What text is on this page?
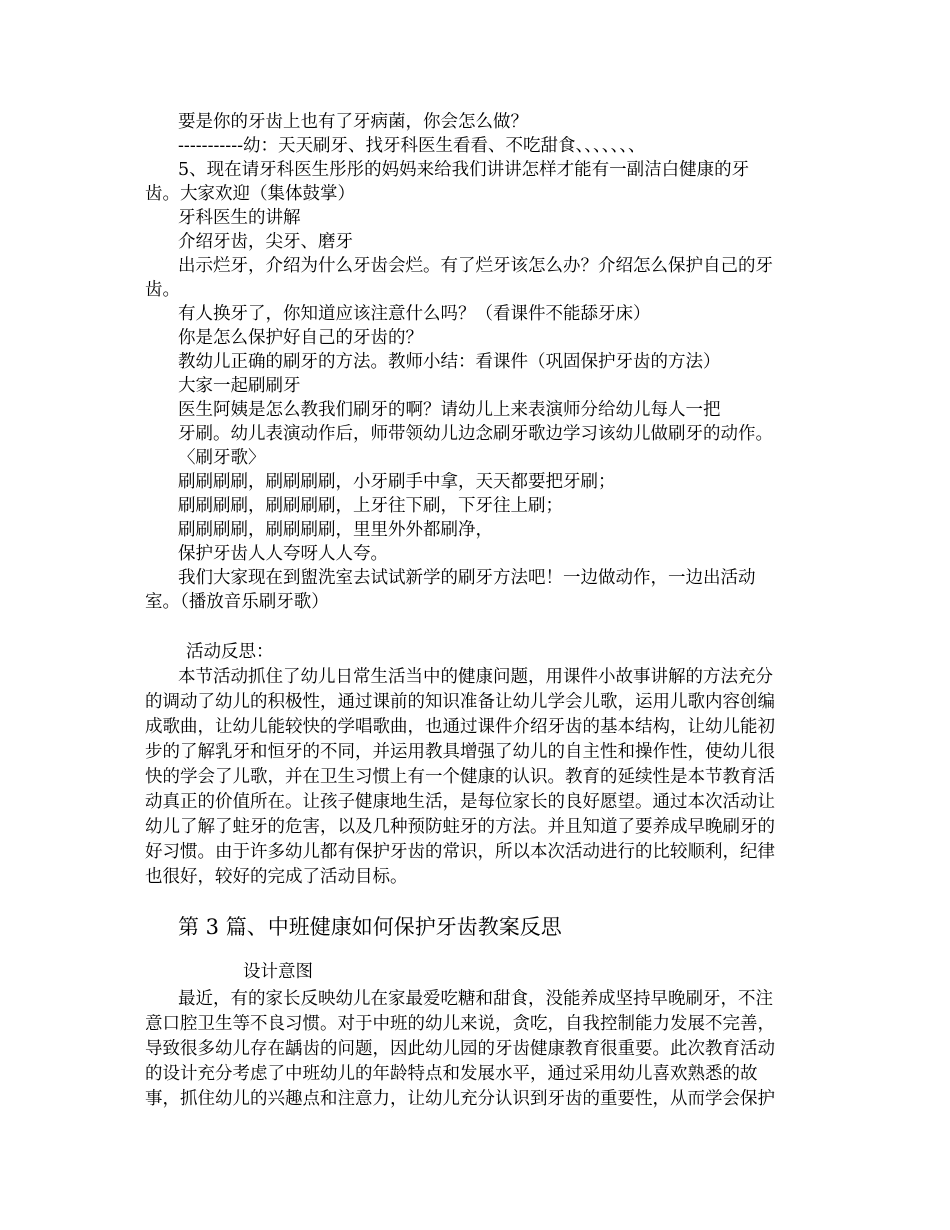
要是你的牙齿上也有了牙病菌，你会怎么做？
-----------幼：天天刷牙、找牙科医生看看、不吃甜食、、、、、、、
5、现在请牙科医生彤彤的妈妈来给我们讲讲怎样才能有一副洁白健康的牙
齿。大家欢迎（集体鼓掌）
牙科医生的讲解
介绍牙齿，尖牙、磨牙
出示烂牙，介绍为什么牙齿会烂。有了烂牙该怎么办？介绍怎么保护自己的牙
齿。
有人换牙了，你知道应该注意什么吗？（看课件不能舔牙床）
你是怎么保护好自己的牙齿的？
教幼儿正确的刷牙的方法。教师小结：看课件（巩固保护牙齿的方法）
大家一起刷刷牙
医生阿姨是怎么教我们刷牙的啊？请幼儿上来表演师分给幼儿每人一把
牙刷。幼儿表演动作后，师带领幼儿边念刷牙歌边学习该幼儿做刷牙的动作。
〈刷牙歌〉
刷刷刷刷，刷刷刷刷，小牙刷手中拿，天天都要把牙刷；
刷刷刷刷，刷刷刷刷，上牙往下刷，下牙往上刷；
刷刷刷刷，刷刷刷刷，里里外外都刷净，
保护牙齿人人夸呀人人夸。
我们大家现在到盥洗室去试试新学的刷牙方法吧！一边做动作，一边出活动
室。（播放音乐刷牙歌）
活动反思：
本节活动抓住了幼儿日常生活当中的健康问题，用课件小故事讲解的方法充分
的调动了幼儿的积极性，通过课前的知识准备让幼儿学会儿歌，运用儿歌内容创编
成歌曲，让幼儿能较快的学唱歌曲，也通过课件介绍牙齿的基本结构，让幼儿能初
步的了解乳牙和恒牙的不同，并运用教具增强了幼儿的自主性和操作性，使幼儿很
快的学会了儿歌，并在卫生习惯上有一个健康的认识。教育的延续性是本节教育活
动真正的价值所在。让孩子健康地生活，是每位家长的良好愿望。通过本次活动让
幼儿了解了蛀牙的危害，以及几种预防蛀牙的方法。并且知道了要养成早晚刷牙的
好习惯。由于许多幼儿都有保护牙齿的常识，所以本次活动进行的比较顺利，纪律
也很好，较好的完成了活动目标。
第 3 篇、中班健康如何保护牙齿教案反思
设计意图
最近，有的家长反映幼儿在家最爱吃糖和甜食，没能养成坚持早晚刷牙，不注
意口腔卫生等不良习惯。对于中班的幼儿来说，贪吃，自我控制能力发展不完善，
导致很多幼儿存在龋齿的问题，因此幼儿园的牙齿健康教育很重要。此次教育活动
的设计充分考虑了中班幼儿的年龄特点和发展水平，通过采用幼儿喜欢熟悉的故
事，抓住幼儿的兴趣点和注意力，让幼儿充分认识到牙齿的重要性，从而学会保护
